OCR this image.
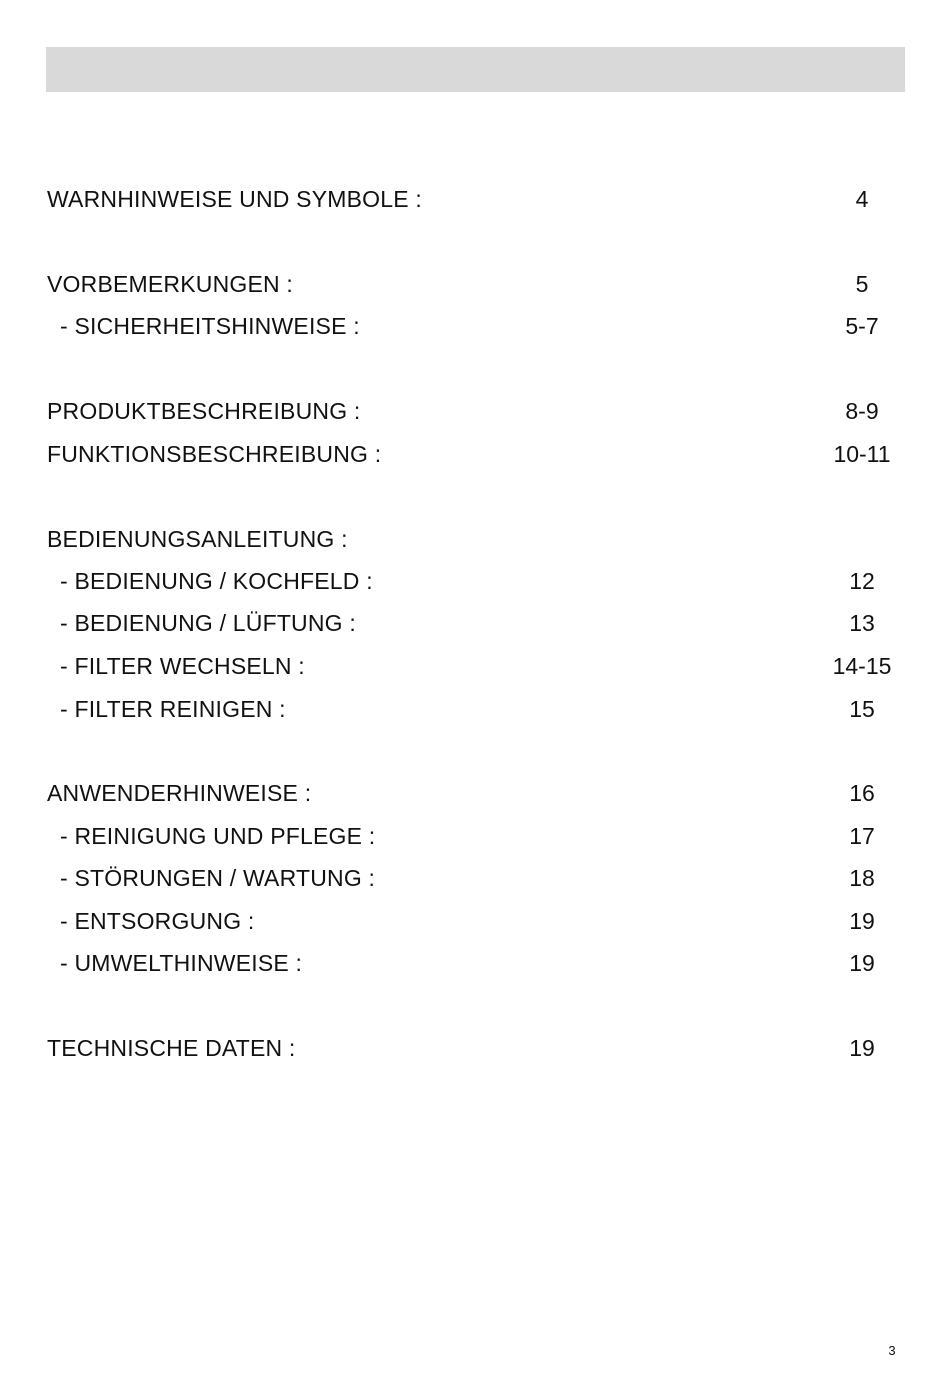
WARNHINWEISE UND SYMBOLE :	4
VORBEMERKUNGEN :	5
- SICHERHEITSHINWEISE :	5-7
PRODUKTBESCHREIBUNG :	8-9
FUNKTIONSBESCHREIBUNG :	10-11
BEDIENUNGSANLEITUNG :
- BEDIENUNG / KOCHFELD :	12
- BEDIENUNG / LÜFTUNG :	13
- FILTER WECHSELN :	14-15
- FILTER REINIGEN :	15
ANWENDERHINWEISE :	16
- REINIGUNG UND PFLEGE :	17
- STÖRUNGEN / WARTUNG :	18
- ENTSORGUNG :	19
- UMWELTHINWEISE :	19
TECHNISCHE DATEN :	19
3
